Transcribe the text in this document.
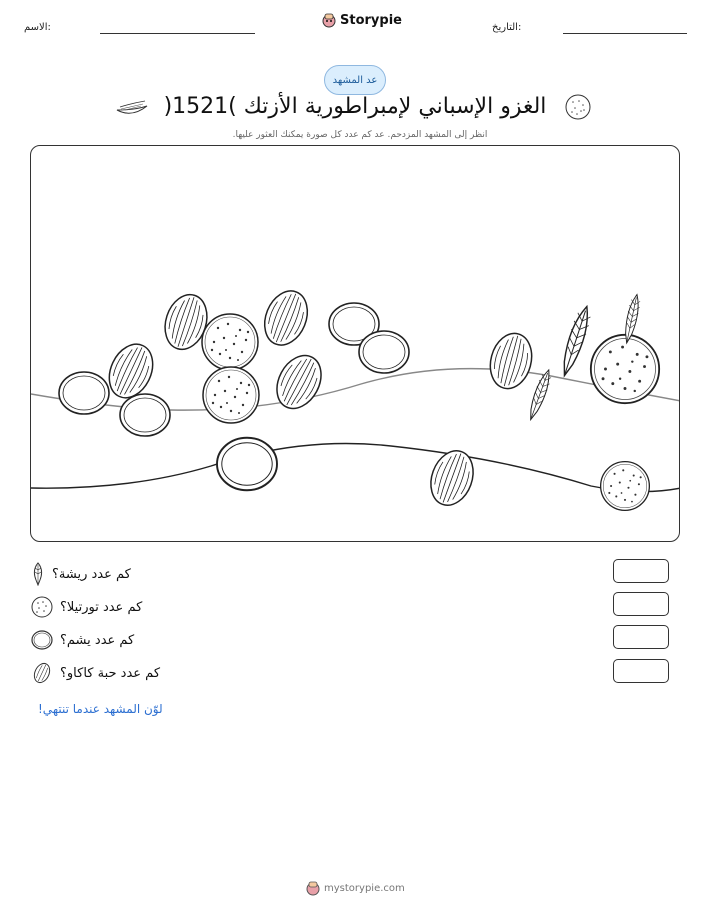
الاسم:	Storypie	التاريخ:
عد المشهد
الغزو الإسباني لإمبراطورية الأزتك )1521(
انظر إلى المشهد المزدحم. عد كم عدد كل صورة يمكنك العثور عليها.
كم عدد ريشة؟
كم عدد تورتيلا؟
كم عدد يشم؟
كم عدد حبة كاكاو؟
لوّن المشهد عندما تنتهي!
mystorypie.com
